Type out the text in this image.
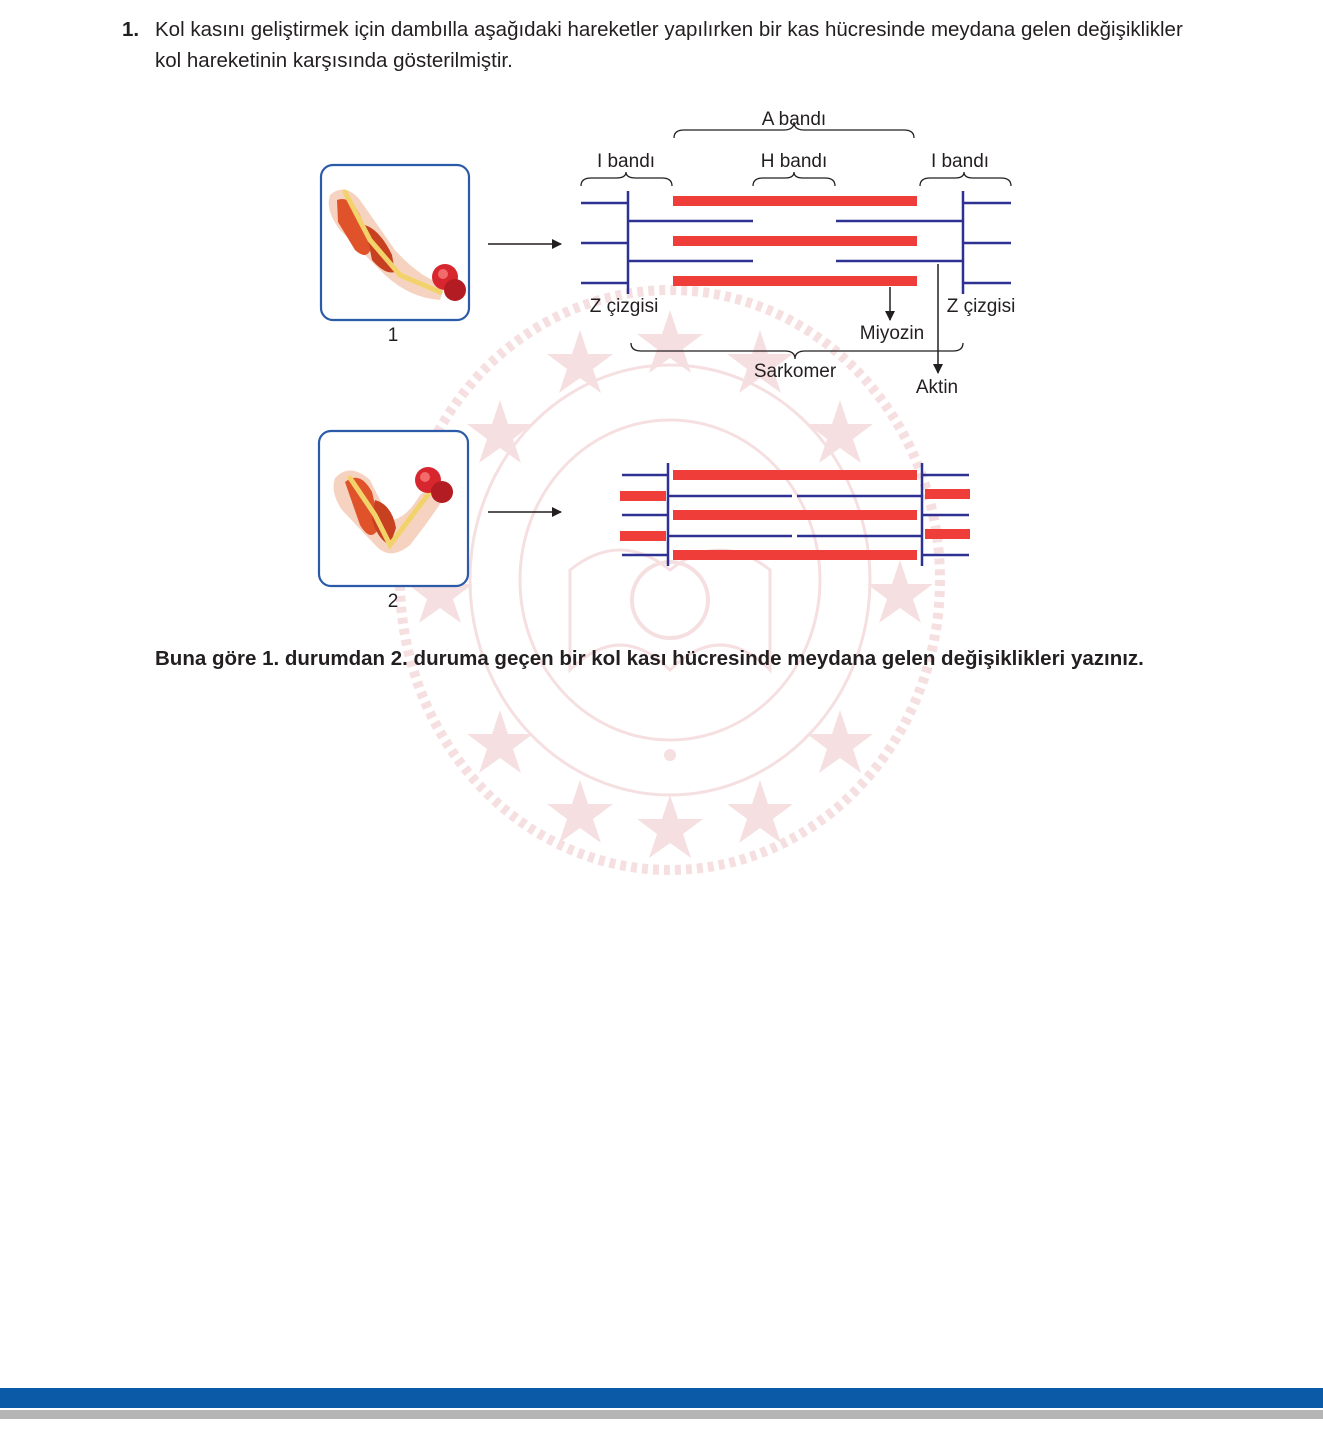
1. Kol kasını geliştirmek için dambılla aşağıdaki hareketler yapılırken bir kas hücresinde meydana gelen değişiklikler kol hareketinin karşısında gösterilmiştir.
1
2
A bandı
I bandı	H bandı	I bandı
Z çizgisi	Z çizgisi
Miyozin
Aktin
Sarkomer
Buna göre 1. durumdan 2. duruma geçen bir kol kası hücresinde meydana gelen değişiklikleri yazınız.
